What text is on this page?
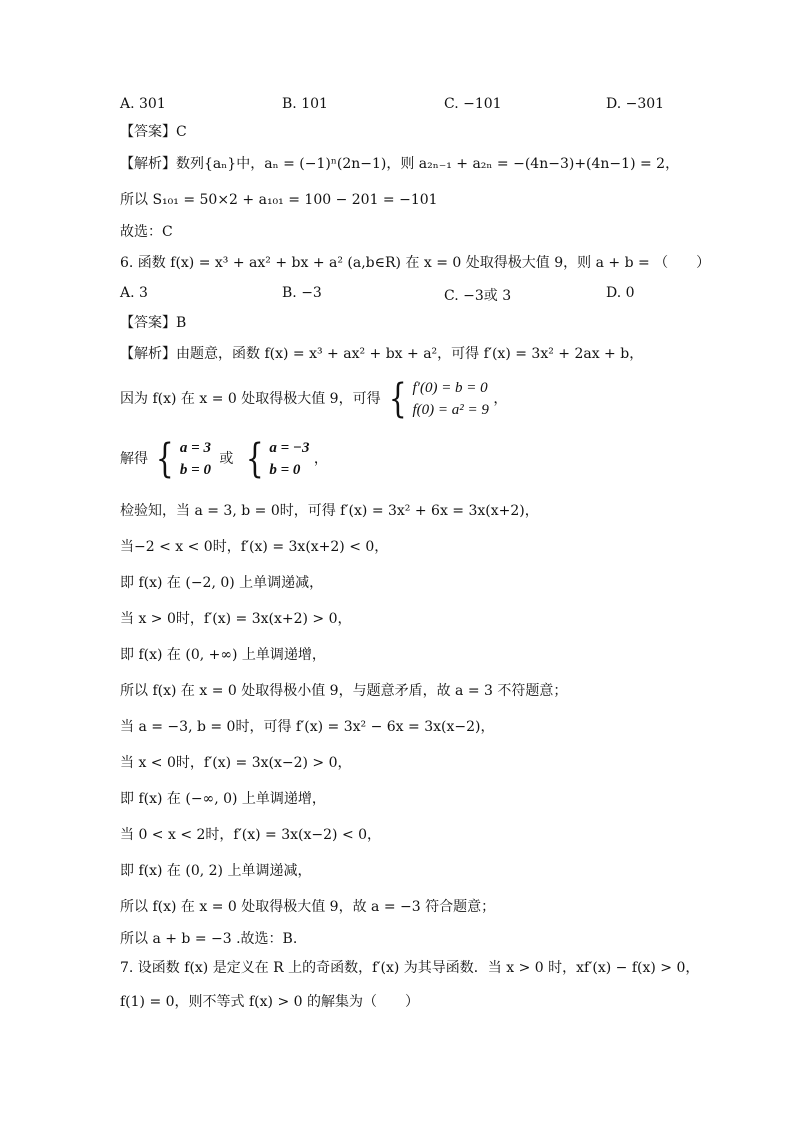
A. 301	B. 101	C. −101	D. −301
【答案】C
【解析】数列{aₙ}中，aₙ = (−1)ⁿ(2n−1)，则 a₂ₙ₋₁ + a₂ₙ = −(4n−3)+(4n−1) = 2，
所以 S₁₀₁ = 50×2 + a₁₀₁ = 100 − 201 = −101
故选：C
6. 函数 f(x) = x³ + ax² + bx + a² (a,b∈R) 在 x = 0 处取得极大值 9，则 a + b = （　　）
A. 3	B. −3	C. −3或 3	D. 0
【答案】B
【解析】由题意，函数 f(x) = x³ + ax² + bx + a²，可得 f′(x) = 3x² + 2ax + b，
因为 f(x) 在 x = 0 处取得极大值 9，可得 { f′(0) = b = 0
f(0) = a² = 9
，
解得 { a = 3
b = 0
或 { a = −3
b = 0
，
检验知，当 a = 3, b = 0时，可得 f′(x) = 3x² + 6x = 3x(x+2)，
当−2 < x < 0时，f′(x) = 3x(x+2) < 0，
即 f(x) 在 (−2, 0) 上单调递减，
当 x > 0时，f′(x) = 3x(x+2) > 0，
即 f(x) 在 (0, +∞) 上单调递增，
所以 f(x) 在 x = 0 处取得极小值 9，与题意矛盾，故 a = 3 不符题意；
当 a = −3, b = 0时，可得 f′(x) = 3x² − 6x = 3x(x−2)，
当 x < 0时，f′(x) = 3x(x−2) > 0，
即 f(x) 在 (−∞, 0) 上单调递增，
当 0 < x < 2时，f′(x) = 3x(x−2) < 0，
即 f(x) 在 (0, 2) 上单调递减，
所以 f(x) 在 x = 0 处取得极大值 9，故 a = −3 符合题意；
所以 a + b = −3 .故选：B.
7. 设函数 f(x) 是定义在 R 上的奇函数，f′(x) 为其导函数．当 x > 0 时，xf′(x) − f(x) > 0，
f(1) = 0，则不等式 f(x) > 0 的解集为（　　）
